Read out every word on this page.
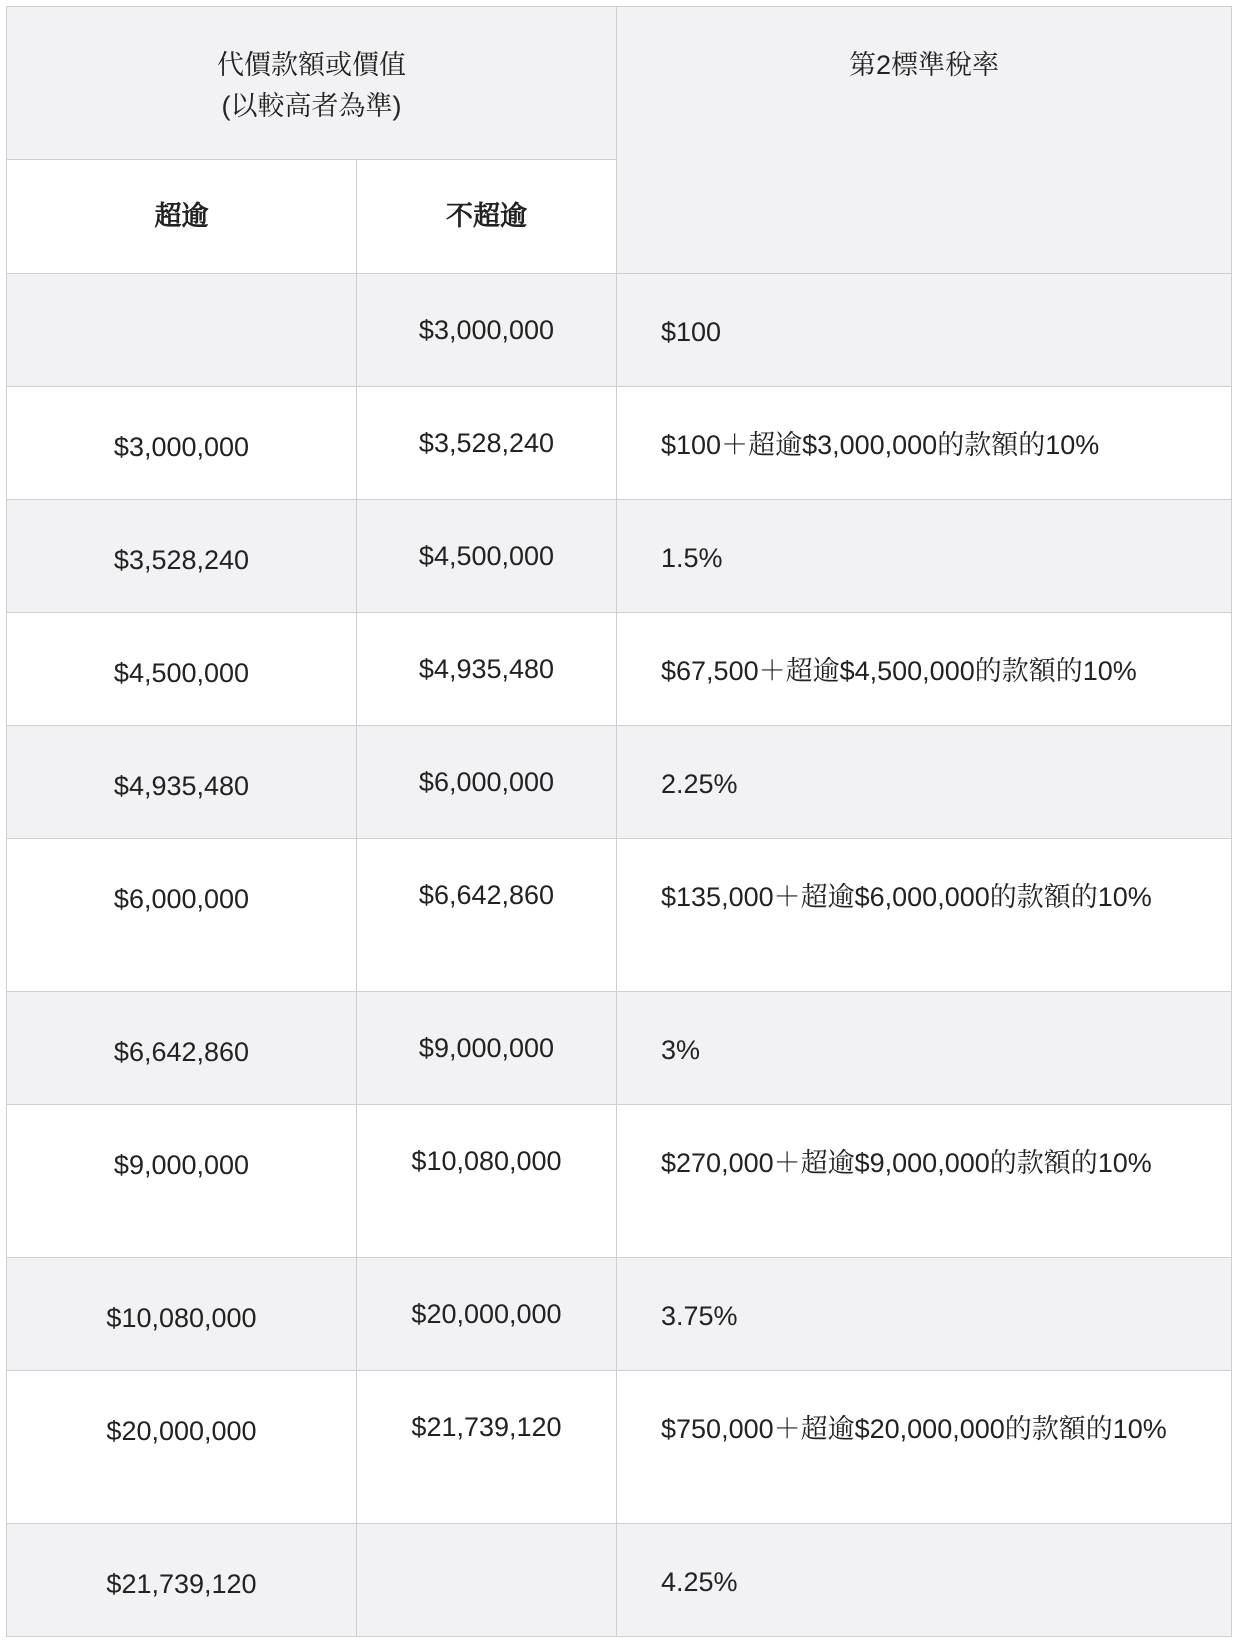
代價款額或價值
(以較高者為準)		第2標準稅率
超逾	不超逾	
	$3,000,000	$100
$3,000,000	$3,528,240	$100＋超逾$3,000,000的款額的10%
$3,528,240	$4,500,000	1.5%
$4,500,000	$4,935,480	$67,500＋超逾$4,500,000的款額的10%
$4,935,480	$6,000,000	2.25%
$6,000,000	$6,642,860	$135,000＋超逾$6,000,000的款額的10%
$6,642,860	$9,000,000	3%
$9,000,000	$10,080,000	$270,000＋超逾$9,000,000的款額的10%
$10,080,000	$20,000,000	3.75%
$20,000,000	$21,739,120	$750,000＋超逾$20,000,000的款額的10%
$21,739,120		4.25%
